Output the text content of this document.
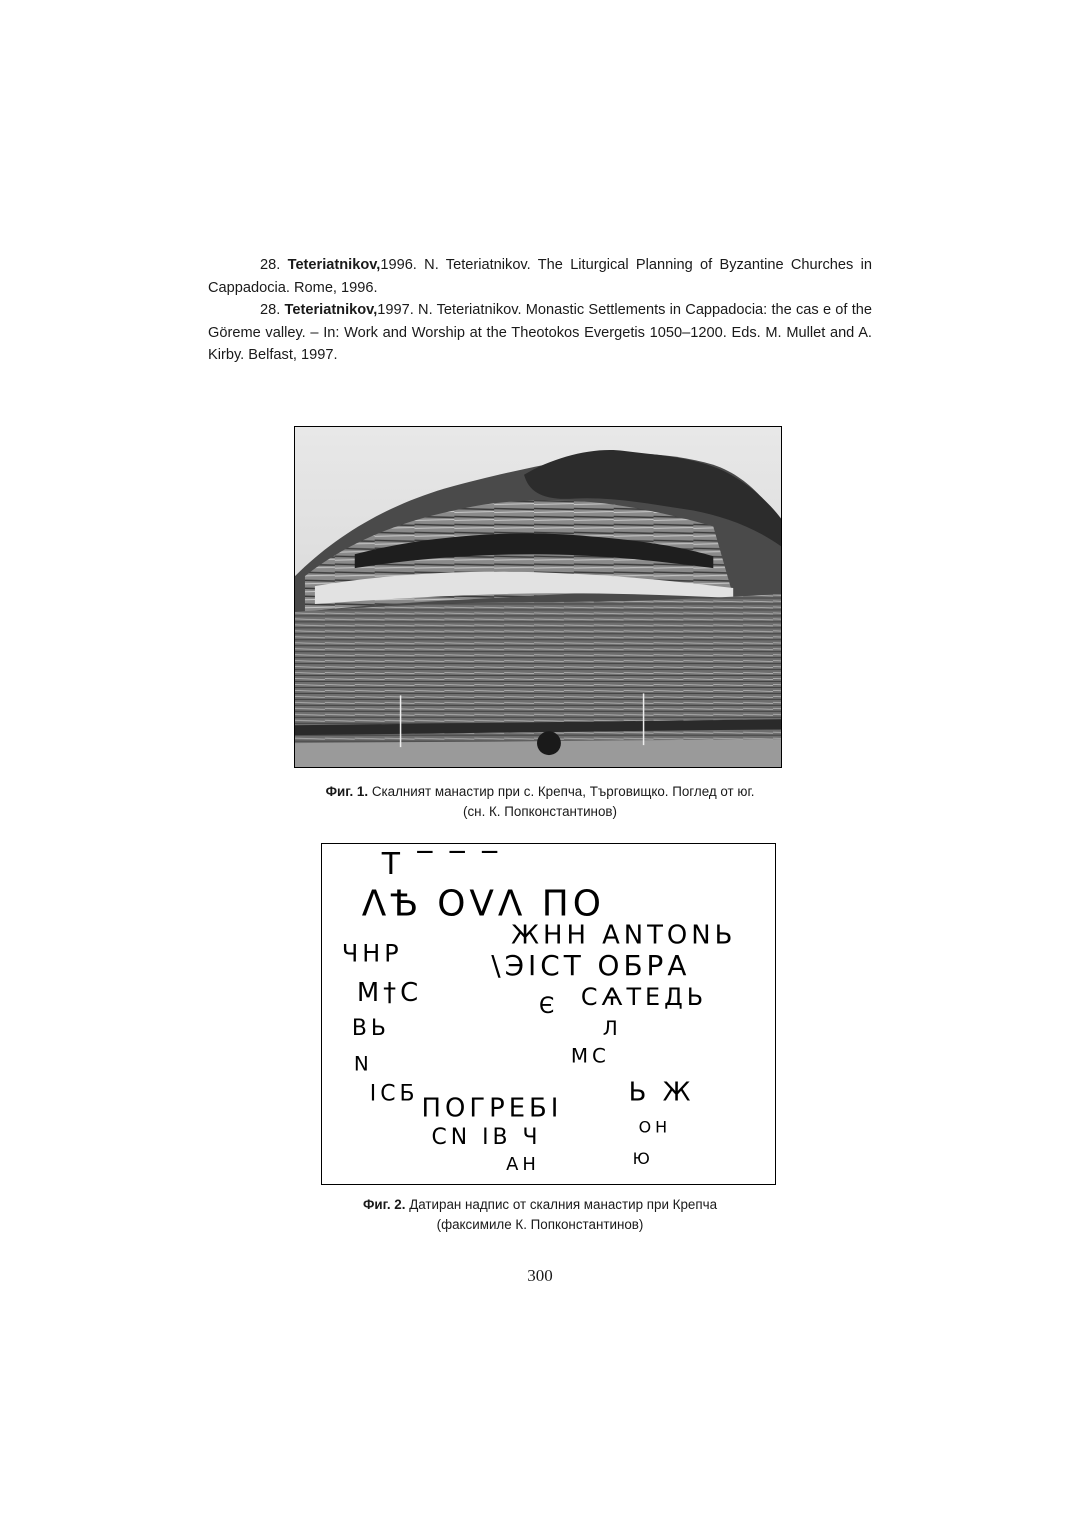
28. Teteriatnikov,1996. N. Teteriatnikov. The Liturgical Planning of Byzantine Churches in Cappadocia. Rome, 1996.

28. Teteriatnikov,1997. N. Teteriatnikov. Monastic Settlements in Cappadocia: the cas e of the Göreme valley. – In: Work and Worship at the Theotokos Evergetis 1050–1200. Eds. M. Mullet and A. Kirby. Belfast, 1997.

Фиг. 1. Скалният манастир при с. Крепча, Търговищко. Поглед от юг.
(сн. К. Попконстантинов)
Т ‾ ‾ ‾
ΛѢ ΟVΛ ПО
ЖНН АNТОNЬ
ЧНР	\ЭІСТ ОБРА
М†С	СѦТЕДЬ
ВЬ
Є
Л
N	МС
ІСБ ПОГРЕБІ
Ь Ж
СN ІВ Ч	ОН
АН	Ю
Фиг. 2. Датиран надпис от скалния манастир при Крепча
(факсимиле К. Попконстантинов)
300
